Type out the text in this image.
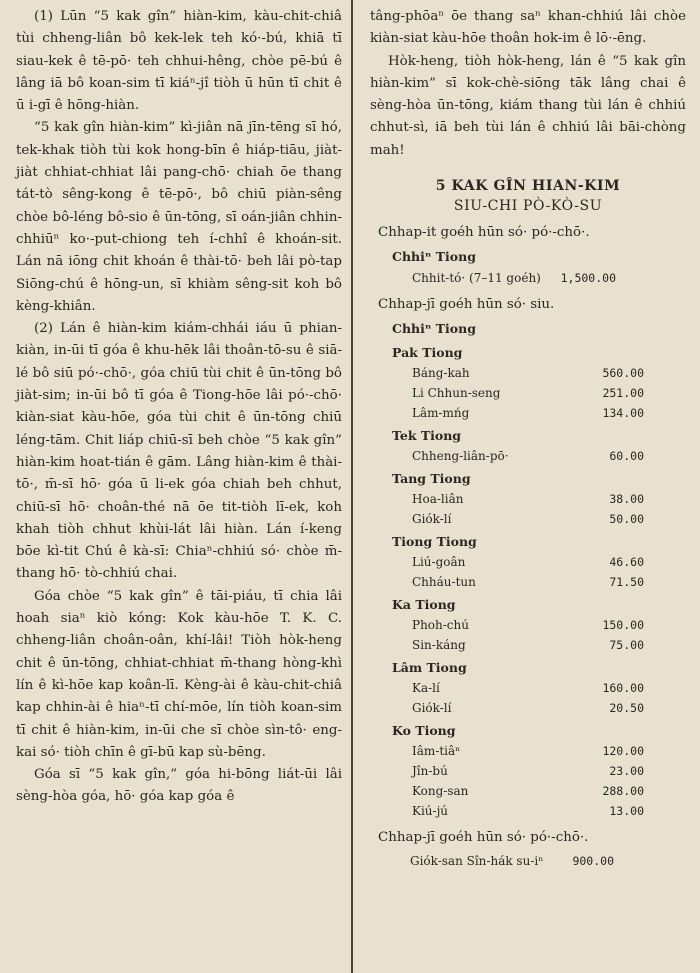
(1) Lūn “5 kak gîn” hiàn-kim, kàu-chit-chiâ tùi chheng-liân bô kek-lek teh kó·-bú, khiā tī siau-kek ê tē-pō· teh chhui-hêng, chòe pē-bú ê lâng iā bô koan-sim tī kiáⁿ-jî tiòh ū hūn tī chit ê ū i-gī ê hōng-hiàn.

“5 kak gîn hiàn-kim” kì-jiân nā jīn-tēng sī hó, tek-khak tiòh tùi kok hong-bīn ê hiáp-tiāu, jiàt-jiàt chhiat-chhiat lâi pang-chō· chiah ōe thang tát-tò sêng-kong ê tē-pō·, bô chiū piàn-sêng chòe bô-léng bô-sio ê ūn-tōng, sī oán-jiân chhin-chhiūⁿ ko·-put-chiong teh í-chhî ê khoán-sit. Lán nā iōng chit khoán ê thài-tō· beh lâi pò-tap Siōng-chú ê hōng-un, sī khiàm sêng-sit koh bô kèng-khiân.

(2) Lán ê hiàn-kim kiám-chhái iáu ū phian-kiàn, in-ūi tī góa ê khu-hēk lâi thoân-tō-su ê siā-lé bô siū pó·-chō·, góa chiū tùi chit ê ūn-tōng bô jiàt-sim; in-ūi bô tī góa ê Tiong-hōe lâi pó·-chō· kiàn-siat kàu-hōe, góa tùi chit ê ūn-tōng chiū léng-tām. Chit liáp chiū-sī beh chòe “5 kak gîn” hiàn-kim hoat-tián ê gām. Lâng hiàn-kim ê thài-tō·, m̄-sī hō· góa ū li-ek góa chiah beh chhut, chiū-sī hō· choân-thé nā ōe tit-tiòh lī-ek, koh khah tiòh chhut khùi-lát lâi hiàn. Lán í-keng bōe kì-tit Chú ê kà-sī: Chiaⁿ-chhiú só· chòe m̄-thang hō· tò-chhiú chai.

Góa chòe “5 kak gîn” ê tāi-piáu, tī chia lâi hoah siaⁿ kiò kóng: Kok kàu-hōe T. K. C. chheng-liân choân-oân, khí-lâi! Tiòh hòk-heng chit ê ūn-tōng, chhiat-chhiat m̄-thang hòng-khì lín ê kì-hōe kap koân-lī. Kèng-ài ê kàu-chit-chiâ kap chhin-ài ê hiaⁿ-tī chí-mōe, lín tiòh koan-sim tī chit ê hiàn-kim, in-ūi che sī chòe sìn-tô· eng-kai só· tiòh chīn ê gī-bū kap sù-bēng.

Góa sī “5 kak gîn,” góa hi-bōng liát-ūi lâi sèng-hòa góa, hō· góa kap góa ê

tâng-phōaⁿ ōe thang saⁿ khan-chhiú lâi chòe kiàn-siat kàu-hōe thoân hok-im ê lō·-ēng.

Hòk-heng, tiòh hòk-heng, lán ê “5 kak gîn hiàn-kim” sī kok-chè-siōng tāk lâng chai ê sèng-hòa ūn-tōng, kiám thang tùi lán ê chhiú chhut-sì, iā beh tùi lán ê chhiú lâi bāi-chòng mah!

5 KAK GÎN HIAN-KIM
SIU-CHI PÒ-KÒ-SU
Chhap-it goéh hūn só· pó·-chō·.
Chhiⁿ Tiong
Chhit-tó· (7–11 goéh)	1,500.00
Chhap-jī goéh hūn só· siu.
Chhiⁿ Tiong
Pak Tiong
Báng-kah	560.00
Li Chhun-seng	251.00
Lâm-mńg	134.00
Tek Tiong
Chheng-liân-pō·	60.00
Tang Tiong
Hoa-liân	38.00
Giók-lí	50.00
Tiong Tiong
Liú-goân	46.60
Chháu-tun	71.50
Ka Tiong
Phoh-chú	150.00
Sin-káng	75.00
Lâm Tiong
Ka-lí	160.00
Giók-lí	20.50
Ko Tiong
Iâm-tiâⁿ	120.00
Jîn-bú	23.00
Kong-san	288.00
Kiú-jú	13.00
Chhap-jī goéh hūn só· pó·-chō·.
Giók-san Sîn-hák su-iⁿ	900.00
